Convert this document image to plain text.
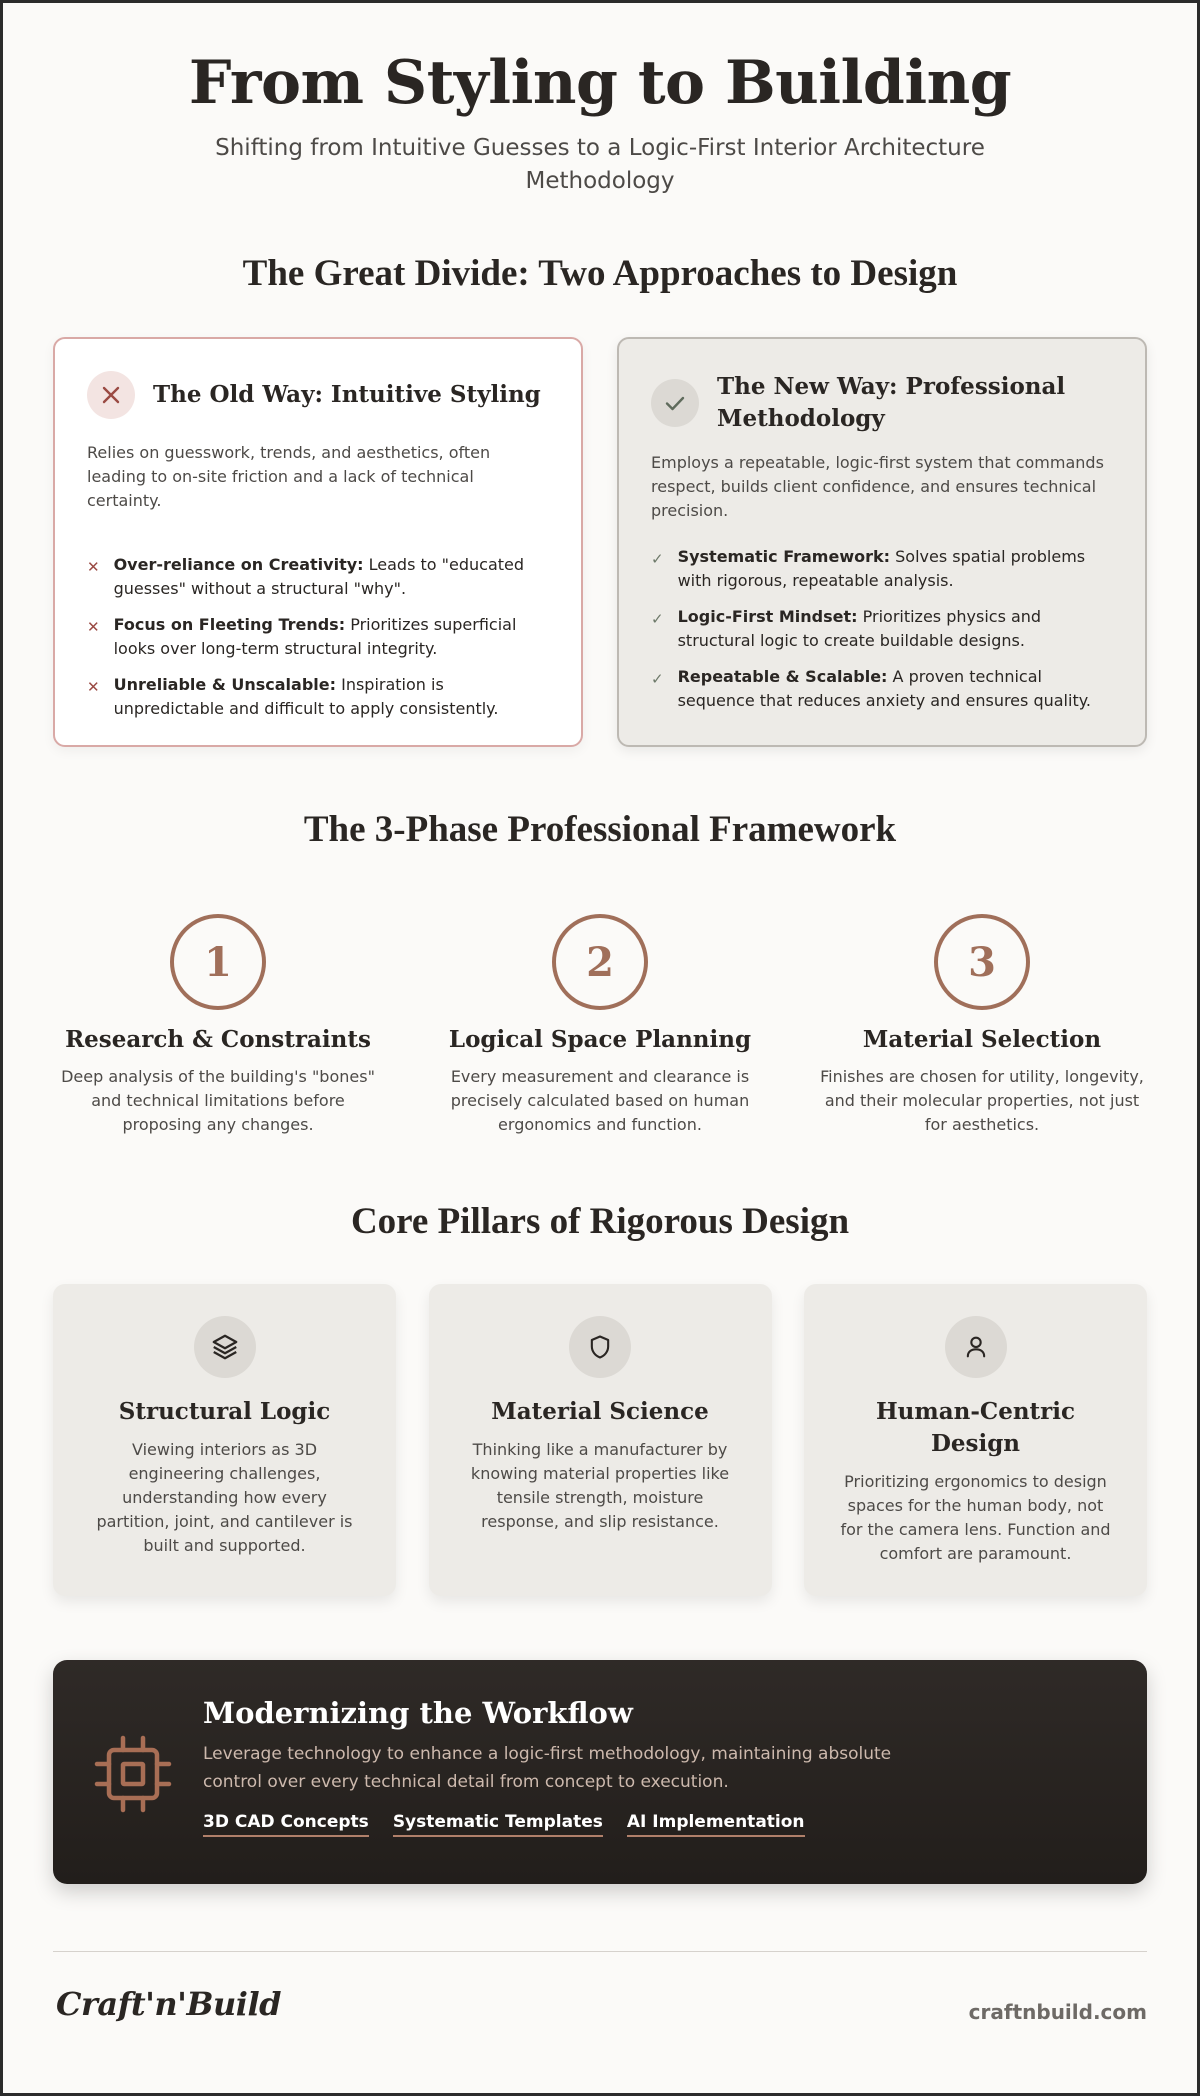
From Styling to Building

Shifting from Intuitive Guesses to a Logic-First Interior Architecture Methodology

The Great Divide: Two Approaches to Design
The Old Way: Intuitive Styling

Relies on guesswork, trends, and aesthetics, often leading to on-site friction and a lack of technical certainty.

✕ Over-reliance on Creativity: Leads to "educated guesses" without a structural "why".
✕ Focus on Fleeting Trends: Prioritizes superficial looks over long-term structural integrity.
✕ Unreliable & Unscalable: Inspiration is unpredictable and difficult to apply consistently.
The New Way: Professional Methodology

Employs a repeatable, logic-first system that commands respect, builds client confidence, and ensures technical precision.

✓ Systematic Framework: Solves spatial problems with rigorous, repeatable analysis.
✓ Logic-First Mindset: Prioritizes physics and structural logic to create buildable designs.
✓ Repeatable & Scalable: A proven technical sequence that reduces anxiety and ensures quality.
The 3-Phase Professional Framework
1
Research & Constraints

Deep analysis of the building's "bones" and technical limitations before proposing any changes.

2
Logical Space Planning

Every measurement and clearance is precisely calculated based on human ergonomics and function.

3
Material Selection

Finishes are chosen for utility, longevity, and their molecular properties, not just for aesthetics.

Core Pillars of Rigorous Design
Structural Logic

Viewing interiors as 3D engineering challenges, understanding how every partition, joint, and cantilever is built and supported.

Material Science

Thinking like a manufacturer by knowing material properties like tensile strength, moisture response, and slip resistance.

Human-Centric Design

Prioritizing ergonomics to design spaces for the human body, not for the camera lens. Function and comfort are paramount.

Modernizing the Workflow

Leverage technology to enhance a logic-first methodology, maintaining absolute control over every technical detail from concept to execution.

3D CAD Concepts Systematic Templates AI Implementation
Craft'n'Build	craftnbuild.com
